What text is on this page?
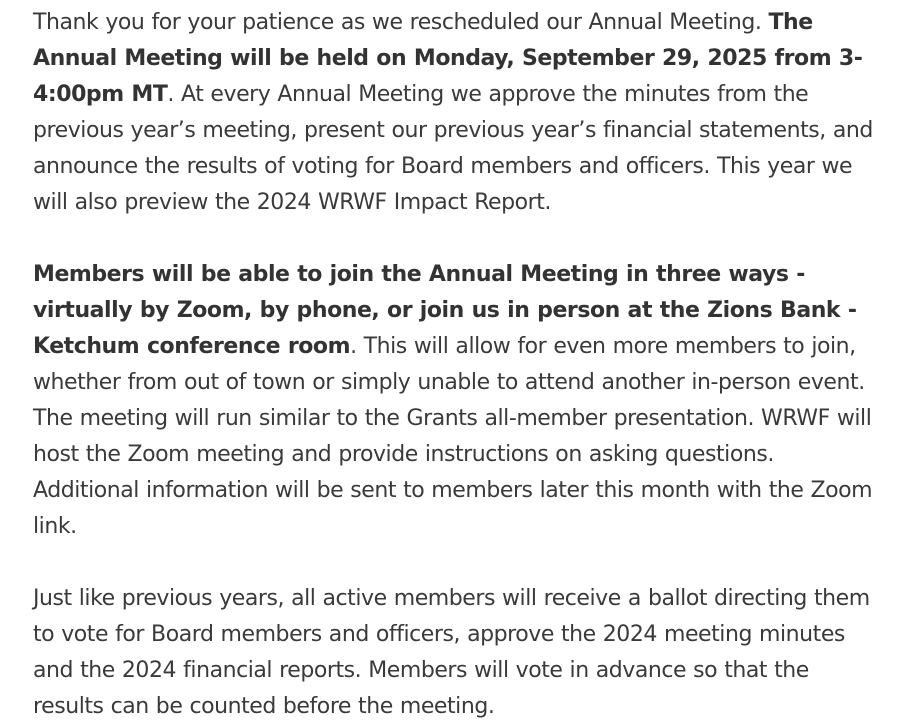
Thank you for your patience as we rescheduled our Annual Meeting. The Annual Meeting will be held on Monday, September 29, 2025 from 3-4:00pm MT. At every Annual Meeting we approve the minutes from the previous year’s meeting, present our previous year’s financial statements, and announce the results of voting for Board members and officers. This year we will also preview the 2024 WRWF Impact Report.

Members will be able to join the Annual Meeting in three ways - virtually by Zoom, by phone, or join us in person at the Zions Bank - Ketchum conference room. This will allow for even more members to join, whether from out of town or simply unable to attend another in-person event. The meeting will run similar to the Grants all-member presentation. WRWF will host the Zoom meeting and provide instructions on asking questions. Additional information will be sent to members later this month with the Zoom link.

Just like previous years, all active members will receive a ballot directing them to vote for Board members and officers, approve the 2024 meeting minutes and the 2024 financial reports. Members will vote in advance so that the results can be counted before the meeting.
